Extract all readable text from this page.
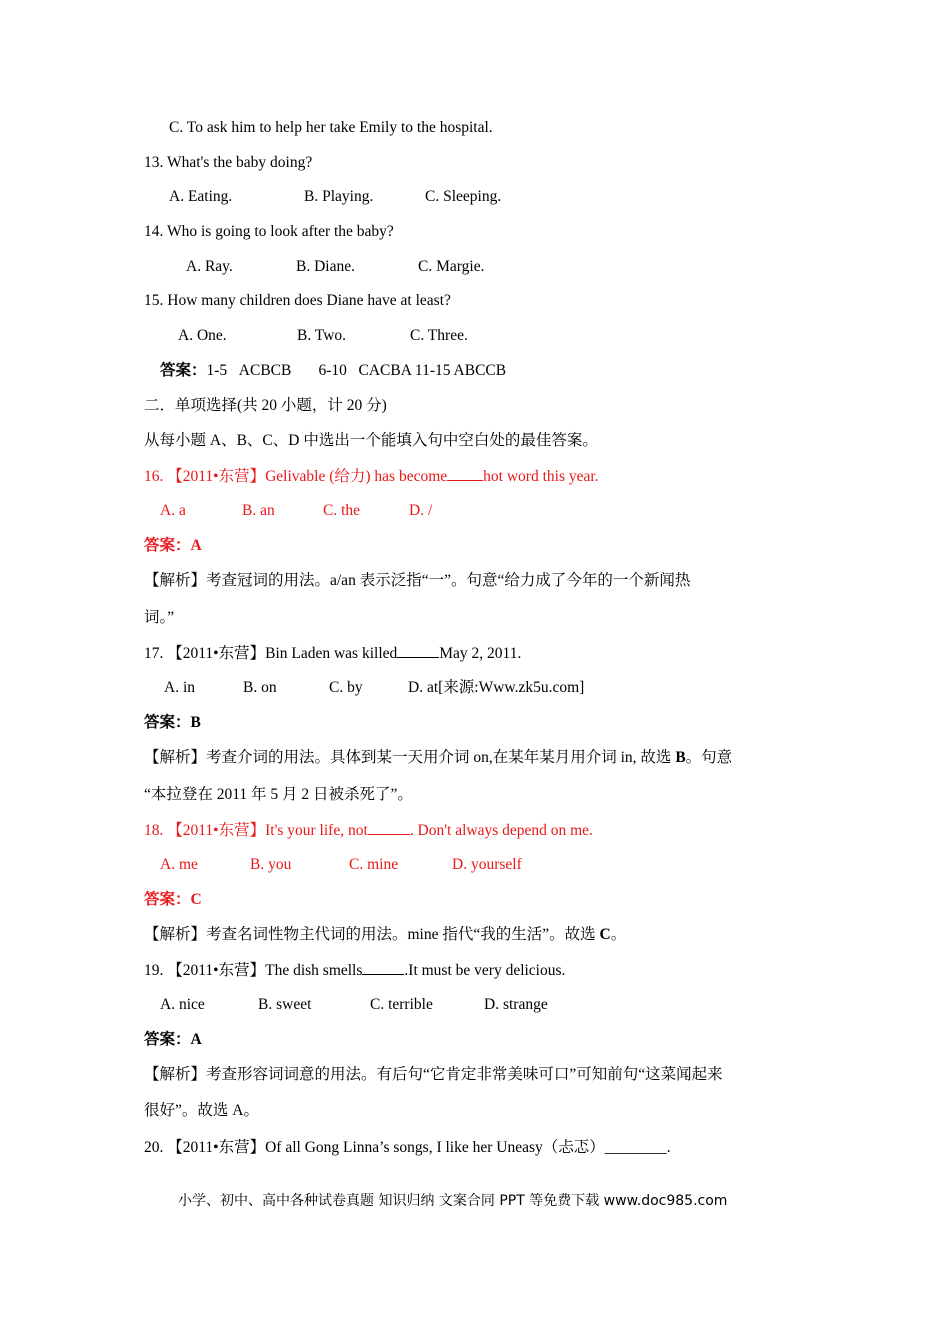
C. To ask him to help her take Emily to the hospital.
13. What's the baby doing?
A. Eating.	B. Playing.	C. Sleeping.
14. Who is going to look after the baby?
A. Ray.	B. Diane.	C. Margie.
15. How many children does Diane have at least?
A. One.	B. Two.	C. Three.
答案：1-5   ACBCB       6-10   CACBA 11-15 ABCCB
二．单项选择(共 20 小题，计 20 分)
从每小题 A、B、C、D 中选出一个能填入句中空白处的最佳答案。
16. 【2011•东营】Gelivable (给力) has become hot word this year.
A. a	B. an	C. the	D. /
答案：A
【解析】考查冠词的用法。a/an 表示泛指“一”。句意“给力成了今年的一个新闻热
词。”
17. 【2011•东营】Bin Laden was killed	May 2, 2011.
A. in	B. on	C. by	D. at[来源:Www.zk5u.com]
答案：B
【解析】考查介词的用法。具体到某一天用介词 on,在某年某月用介词 in, 故选 B。句意
“本拉登在 2011 年 5 月 2 日被杀死了”。
18. 【2011•东营】It's your life, not	. Don't always depend on me.
A. me	B. you	C. mine	D. yourself
答案：C
【解析】考查名词性物主代词的用法。mine 指代“我的生活”。故选 C。
19. 【2011•东营】The dish smells	.It must be very delicious.
A. nice	B. sweet	C. terrible	D. strange
答案：A
【解析】考查形容词词意的用法。有后句“它肯定非常美味可口”可知前句“这菜闻起来
很好”。故选 A。
20. 【2011•东营】Of all Gong Linna’s songs, I like her Uneasy（忐忑）________.
小学、初中、高中各种试卷真题 知识归纳 文案合同 PPT 等免费下载 www.doc985.com
